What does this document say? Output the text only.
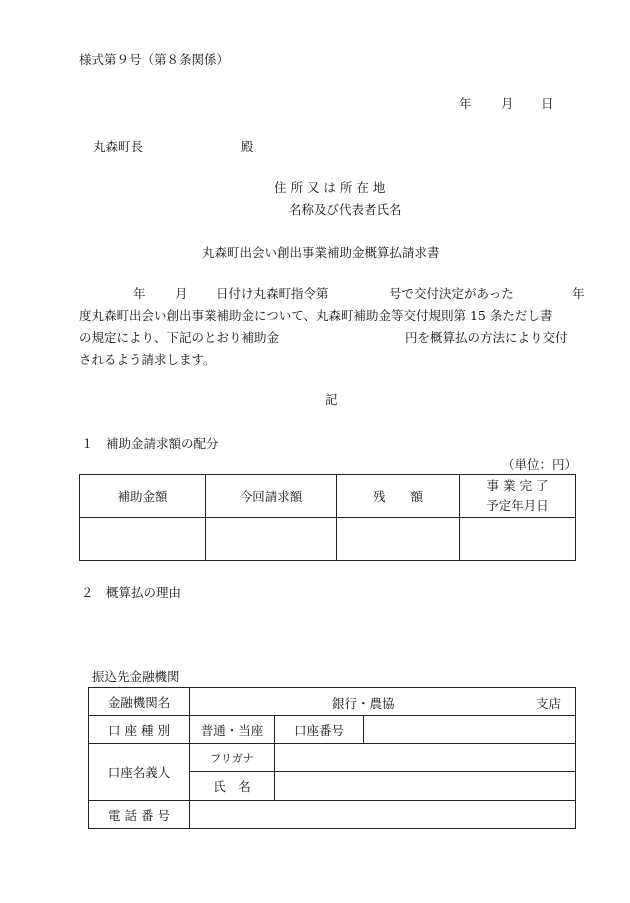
様式第９号（第８条関係）
年 月 日
丸森町長	殿
住 所 又 は 所 在 地
名称及び代表者氏名
丸森町出会い創出事業補助金概算払請求書
年 月 日付け丸森町指令第	号で交付決定があった	年
度丸森町出会い創出事業補助金について、丸森町補助金等交付規則第 15 条ただし書
の規定により、下記のとおり補助金	円を概算払の方法により交付
されるよう請求します。
記
１ 補助金請求額の配分
（単位：円）
補助金額	今回請求額	残　　額	事 業 完 了
予定年月日

２ 概算払の理由
振込先金融機関
金融機関名	銀行・農協 支店		

口 座 種 別	普通・当座	口座番号	
口座名義人	フリガナ		
	氏　名		
電 話 番 号			
